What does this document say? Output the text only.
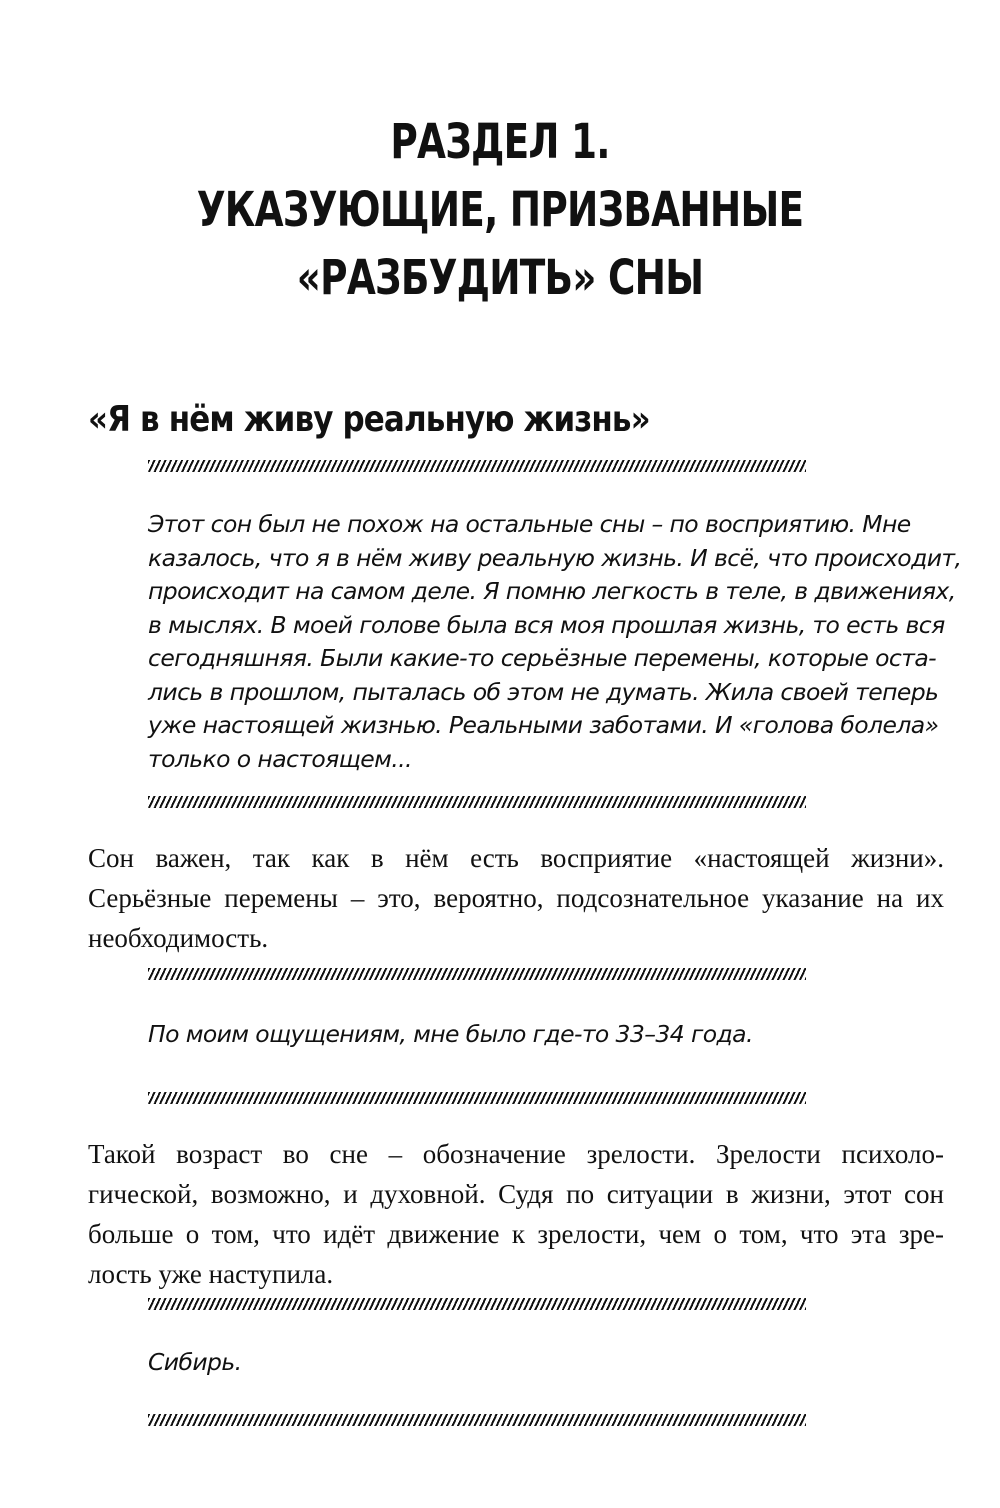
РАЗДЕЛ 1.
УКАЗУЮЩИЕ, ПРИЗВАННЫЕ
«РАЗБУДИТЬ» СНЫ
«Я в нём живу реальную жизнь»

Этот сон был не похож на остальные сны – по восприятию. Мне
казалось, что я в нём живу реальную жизнь. И всё, что происходит,
происходит на самом деле. Я помню легкость в теле, в движениях,
в мыслях. В моей голове была вся моя прошлая жизнь, то есть вся
сегодняшняя. Были какие-то серьёзные перемены, которые оста-
лись в прошлом, пыталась об этом не думать. Жила своей теперь
уже настоящей жизнью. Реальными заботами. И «голова болела»
только о настоящем...

Сон важен, так как в нём есть восприятие «настоящей жизни».
Серьёзные перемены – это, вероятно, подсознательное указание на их
необходимость.

По моим ощущениям, мне было где-то 33–34 года.

Такой возраст во сне – обозначение зрелости. Зрелости психоло-
гической, возможно, и духовной. Судя по ситуации в жизни, этот сон
больше о том, что идёт движение к зрелости, чем о том, что эта зре-
лость уже наступила.

Сибирь.
